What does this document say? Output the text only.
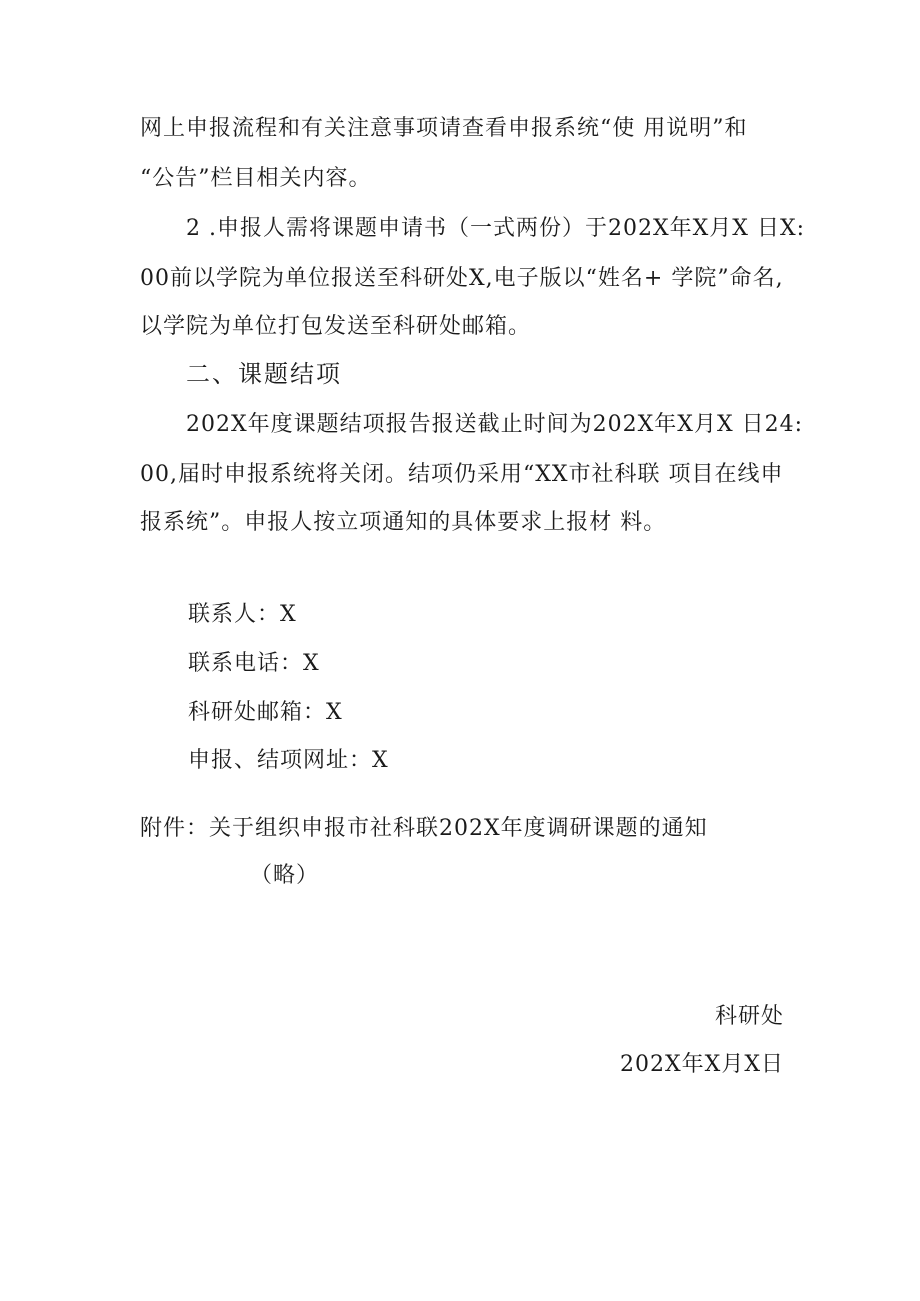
网上申报流程和有关注意事项请查看申报系统“使 用说明”和
“公告”栏目相关内容。
2 .申报人需将课题申请书（一式两份）于202X年X月X 日X:
00前以学院为单位报送至科研处X,电子版以“姓名+ 学院”命名,
以学院为单位打包发送至科研处邮箱。
二、课题结项
202X年度课题结项报告报送截止时间为202X年X月X 日24:
00,届时申报系统将关闭。结项仍采用“XX市社科联 项目在线申
报系统”。申报人按立项通知的具体要求上报材 料。
联系人：X
联系电话：X
科研处邮箱：X
申报、结项网址：X
附件：关于组织申报市社科联202X年度调研课题的通知
（略）
科研处
202X年X月X日
